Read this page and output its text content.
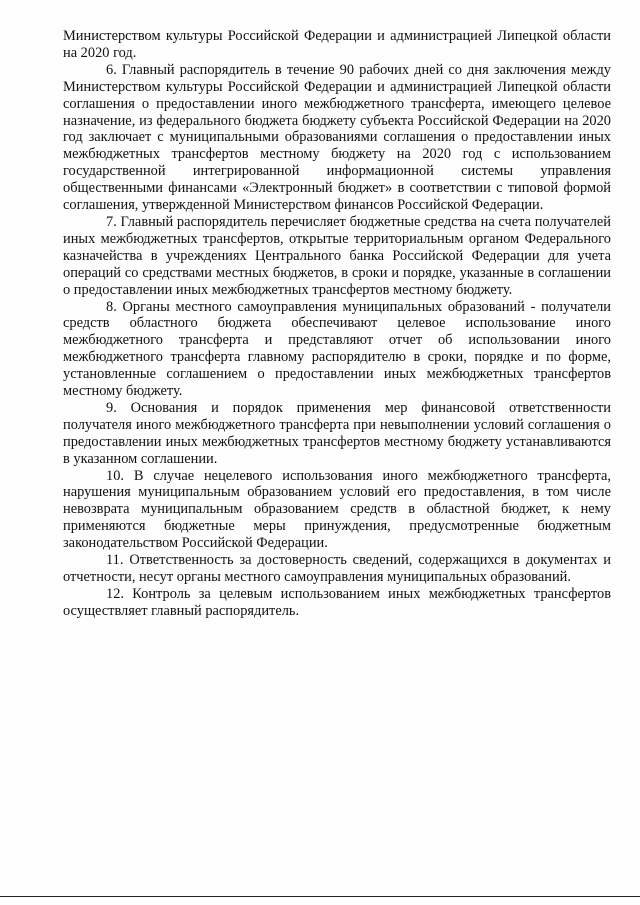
Министерством культуры Российской Федерации и администрацией Липецкой области на 2020 год.

6. Главный распорядитель в течение 90 рабочих дней со дня заключения между Министерством культуры Российской Федерации и администрацией Липецкой области соглашения о предоставлении иного межбюджетного трансферта, имеющего целевое назначение, из федерального бюджета бюджету субъекта Российской Федерации на 2020 год заключает с муниципальными образованиями соглашения о предоставлении иных межбюджетных трансфертов местному бюджету на 2020 год с использованием государственной интегрированной информационной системы управления общественными финансами «Электронный бюджет» в соответствии с типовой формой соглашения, утвержденной Министерством финансов Российской Федерации.

7. Главный распорядитель перечисляет бюджетные средства на счета получателей иных межбюджетных трансфертов, открытые территориальным органом Федерального казначейства в учреждениях Центрального банка Российской Федерации для учета операций со средствами местных бюджетов, в сроки и порядке, указанные в соглашении о предоставлении иных межбюджетных трансфертов местному бюджету.

8. Органы местного самоуправления муниципальных образований - получатели средств областного бюджета обеспечивают целевое использование иного межбюджетного трансферта и представляют отчет об использовании иного межбюджетного трансферта главному распорядителю в сроки, порядке и по форме, установленные соглашением о предоставлении иных межбюджетных трансфертов местному бюджету.

9. Основания и порядок применения мер финансовой ответственности получателя иного межбюджетного трансферта при невыполнении условий соглашения о предоставлении иных межбюджетных трансфертов местному бюджету устанавливаются в указанном соглашении.

10. В случае нецелевого использования иного межбюджетного трансферта, нарушения муниципальным образованием условий его предоставления, в том числе невозврата муниципальным образованием средств в областной бюджет, к нему применяются бюджетные меры принуждения, предусмотренные бюджетным законодательством Российской Федерации.

11. Ответственность за достоверность сведений, содержащихся в документах и отчетности, несут органы местного самоуправления муниципальных образований.

12. Контроль за целевым использованием иных межбюджетных трансфертов осуществляет главный распорядитель.
